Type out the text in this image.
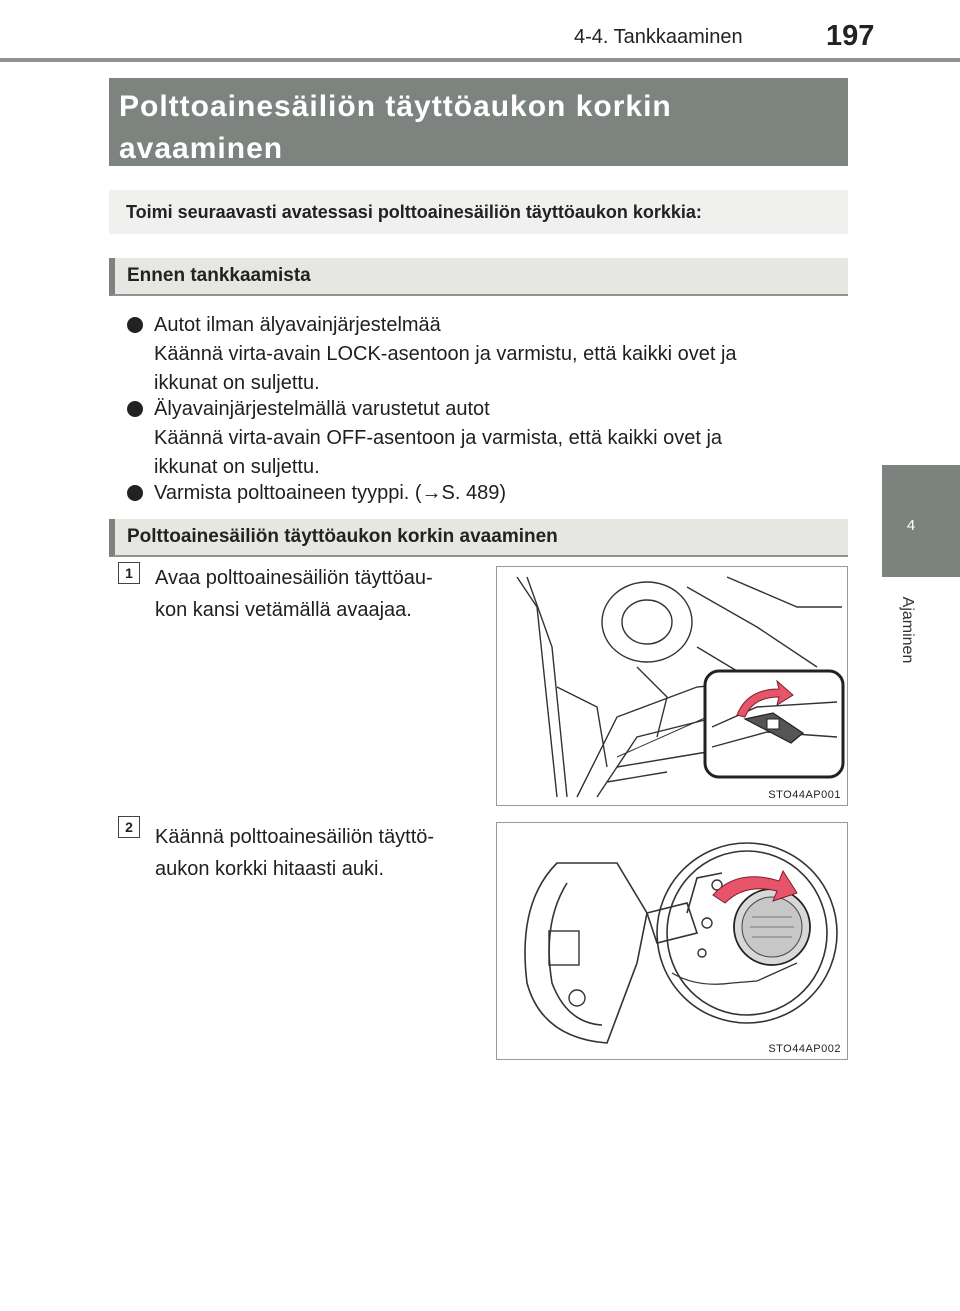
4-4. Tankkaaminen	197
4
Ajaminen
Polttoainesäiliön täyttöaukon korkin
avaaminen
Toimi seuraavasti avatessasi polttoainesäiliön täyttöaukon korkkia:
Ennen tankkaamista
Autot ilman älyavainjärjestelmää
Käännä virta-avain LOCK-asentoon ja varmistu, että kaikki ovet ja
ikkunat on suljettu.
Älyavainjärjestelmällä varustetut autot
Käännä virta-avain OFF-asentoon ja varmista, että kaikki ovet ja
ikkunat on suljettu.
Varmista polttoaineen tyyppi. (→S. 489)
Polttoainesäiliön täyttöaukon korkin avaaminen
1	Avaa polttoainesäiliön täyttöau-
kon kansi vetämällä avaajaa.
STO44AP001
2	Käännä polttoainesäiliön täyttö-
aukon korkki hitaasti auki.
STO44AP002
